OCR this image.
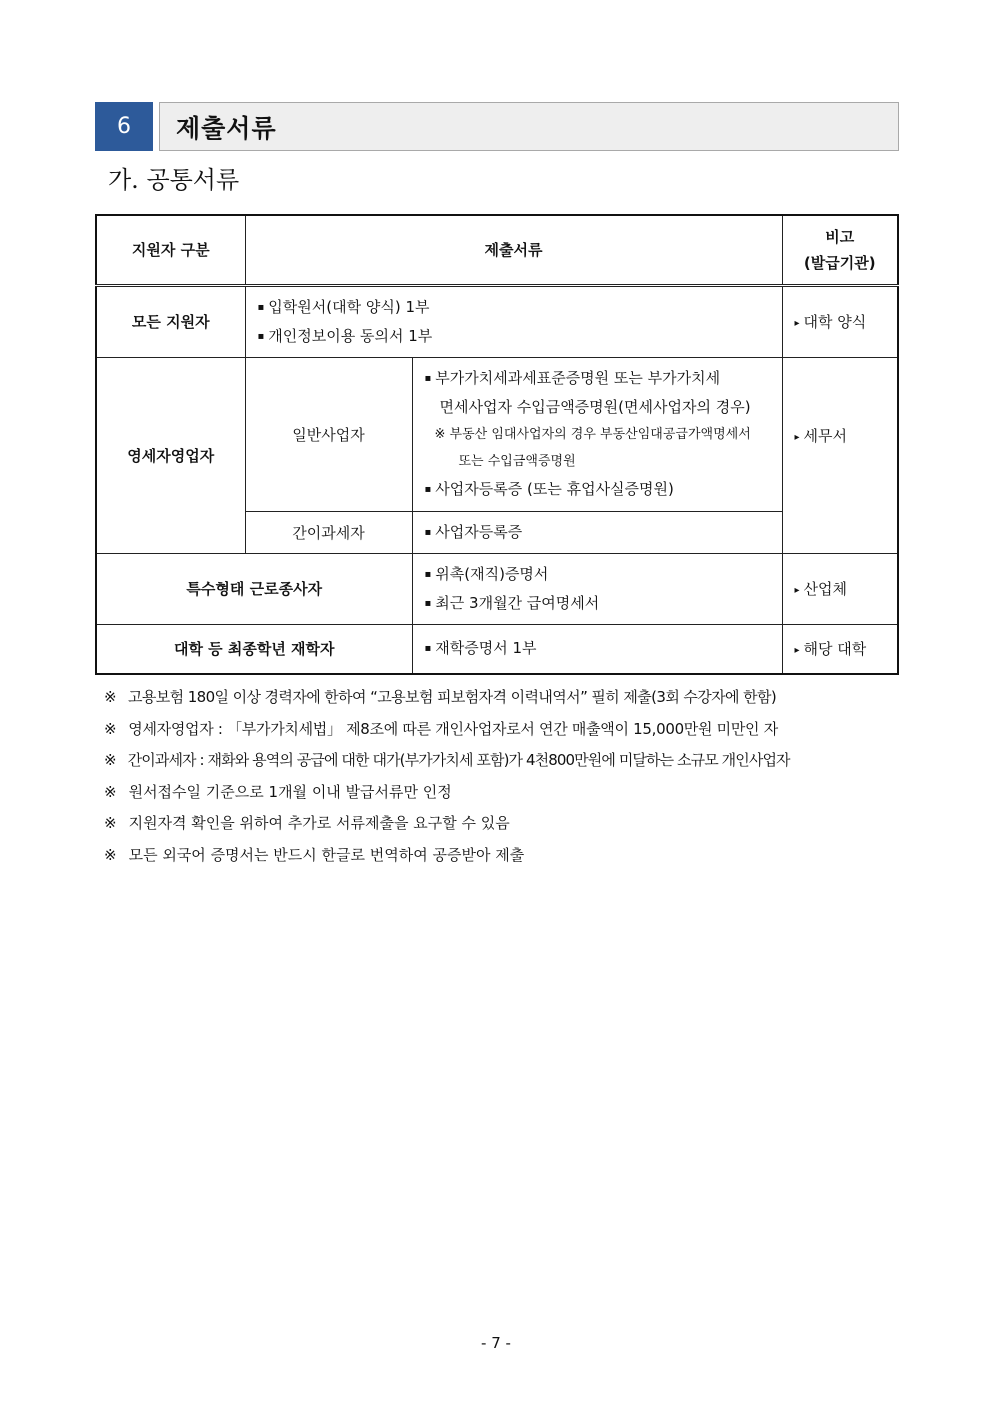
6	제출서류
가. 공통서류
지원자 구분	제출서류		비고
(발급기관)

모든 지원자	▪ 입학원서(대학 양식) 1부
▪ 개인정보이용 동의서 1부		▸ 대학 양식
영세자영업자	일반사업자	▪ 부가가치세과세표준증명원 또는 부가가치세
면세사업자 수입금액증명원(면세사업자의 경우)
※ 부동산 임대사업자의 경우 부동산임대공급가액명세서
또는 수입금액증명원
▪ 사업자등록증 (또는 휴업사실증명원)	▸ 세무서
	간이과세자	▪ 사업자등록증	

특수형태 근로종사자		▪ 위촉(재직)증명서
▪ 최근 3개월간 급여명세서	▸ 산업체
대학 등 최종학년 재학자		▪ 재학증명서 1부	▸ 해당 대학
※ 고용보험 180일 이상 경력자에 한하여 “고용보험 피보험자격 이력내역서” 필히 제출(3회 수강자에 한함)
※ 영세자영업자 : 「부가가치세법」 제8조에 따른 개인사업자로서 연간 매출액이 15,000만원 미만인 자
※ 간이과세자 : 재화와 용역의 공급에 대한 대가(부가가치세 포함)가 4천800만원에 미달하는 소규모 개인사업자
※ 원서접수일 기준으로 1개월 이내 발급서류만 인정
※ 지원자격 확인을 위하여 추가로 서류제출을 요구할 수 있음
※ 모든 외국어 증명서는 반드시 한글로 번역하여 공증받아 제출
- 7 -
